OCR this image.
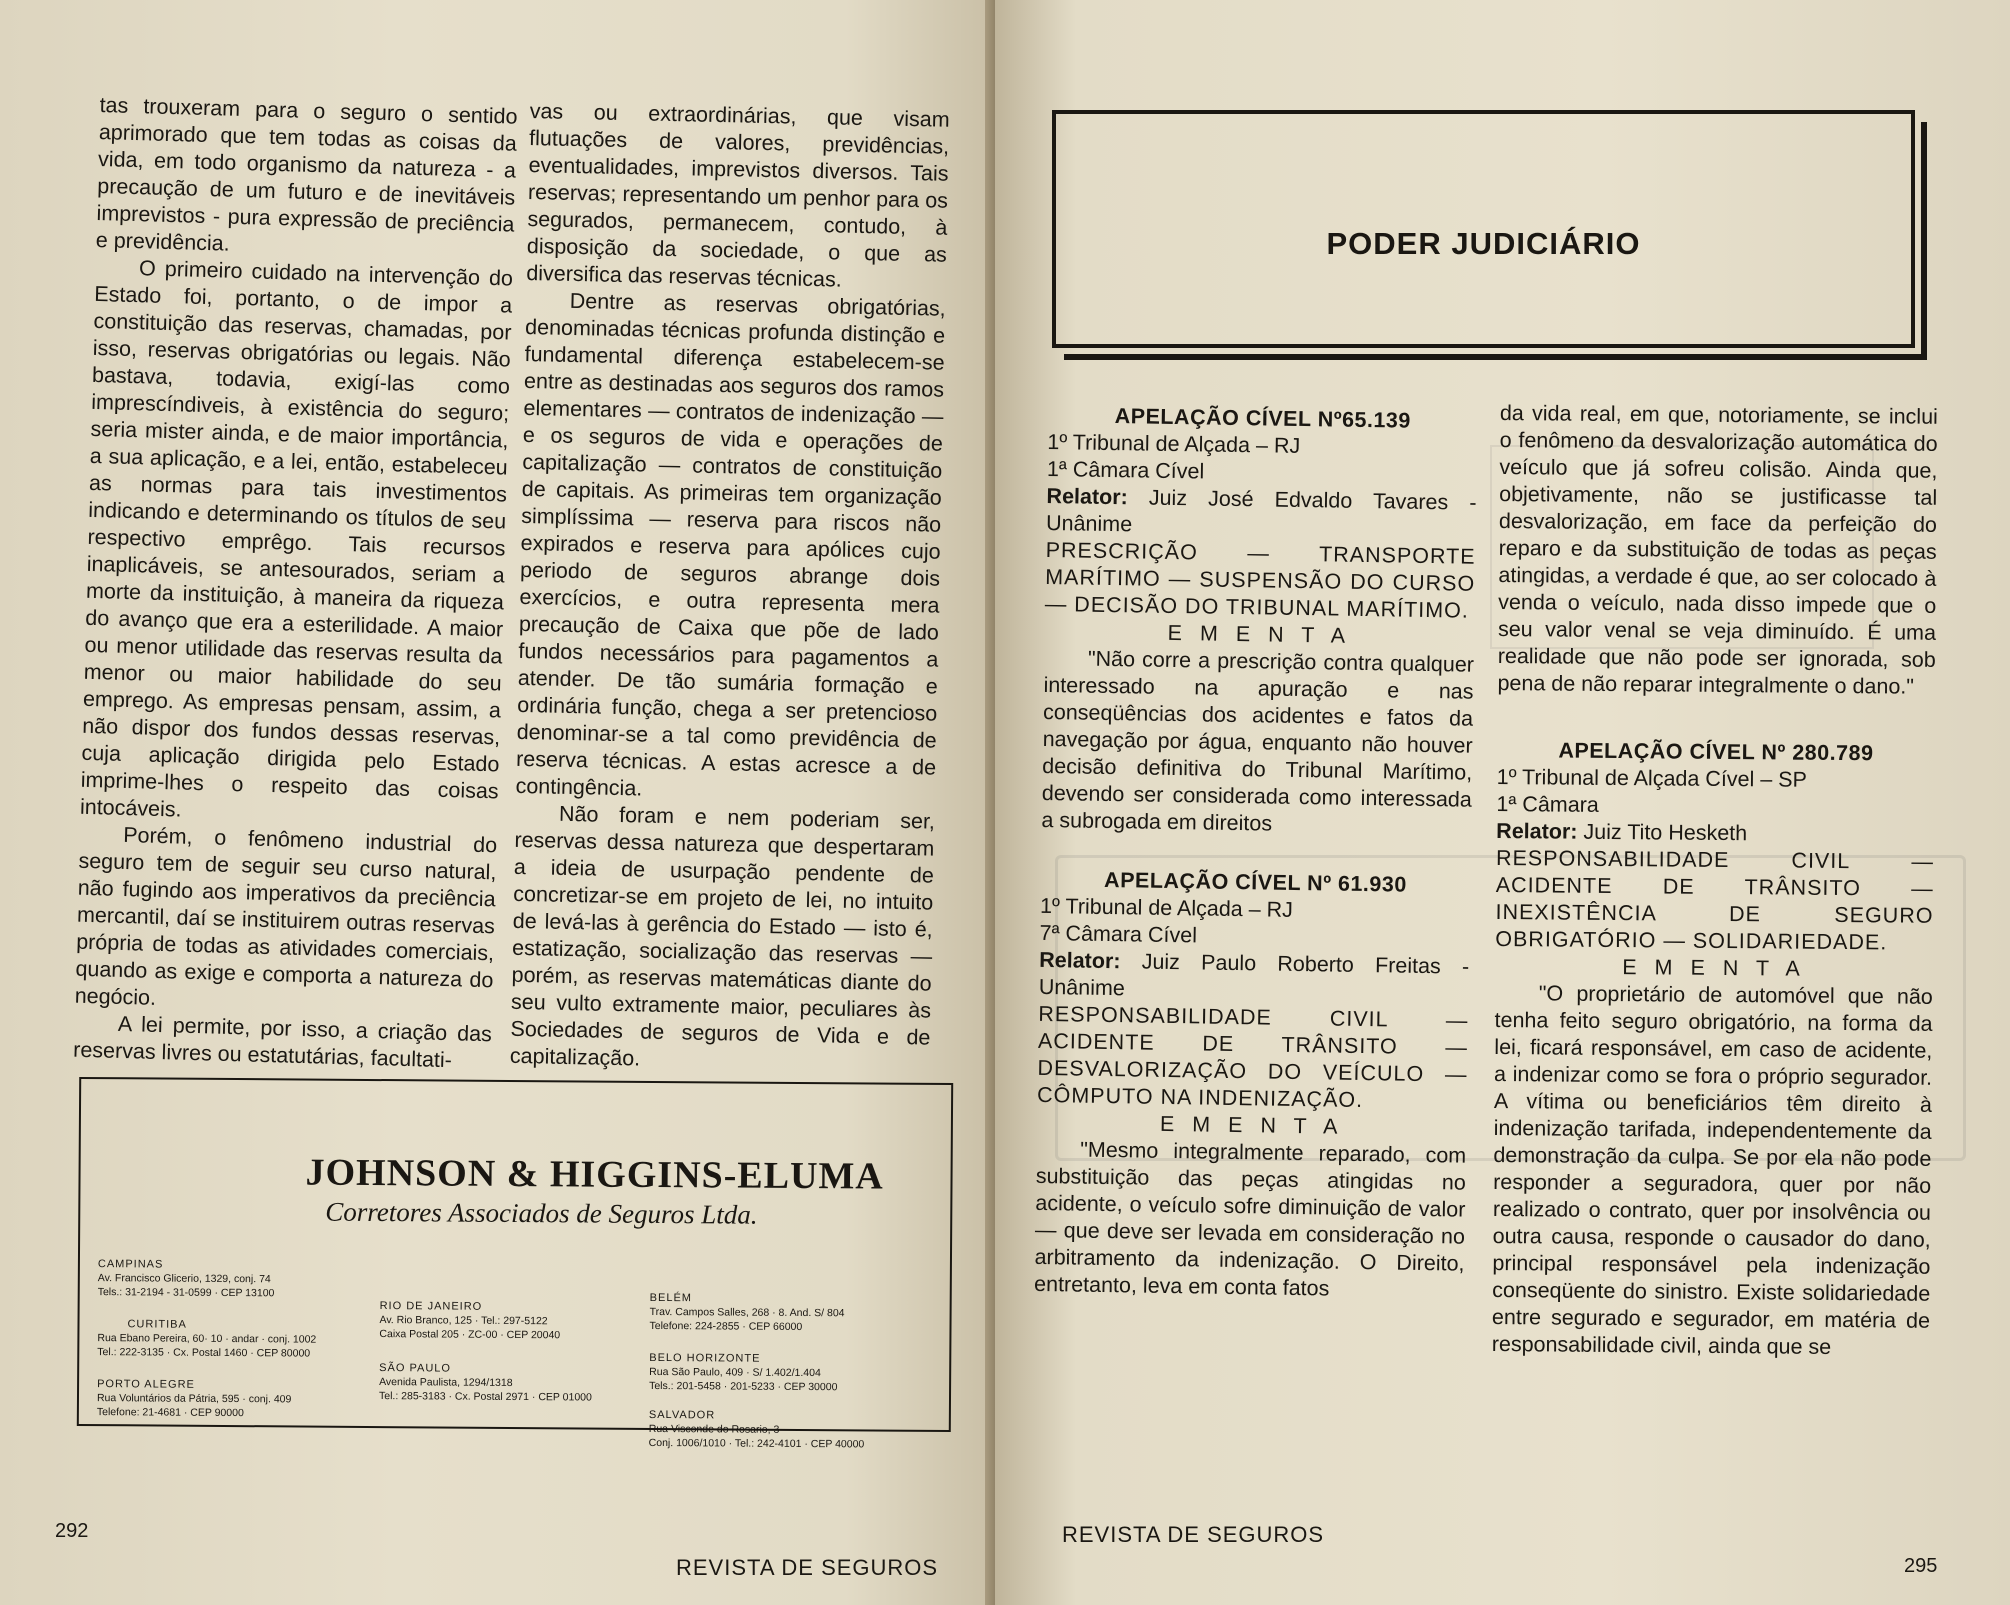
tas trouxeram para o seguro o sentido aprimorado que tem todas as coisas da vida, em todo organismo da natureza - a precaução de um futuro e de inevitáveis imprevistos - pura expressão de preciência e previdência.

O primeiro cuidado na intervenção do Estado foi, portanto, o de impor a constituição das reservas, chamadas, por isso, reservas obrigatórias ou legais. Não bastava, todavia, exigí-las como imprescíndiveis, à existência do seguro; seria mister ainda, e de maior importância, a sua aplicação, e a lei, então, estabeleceu as normas para tais investimentos indicando e determinando os títulos de seu respectivo emprêgo. Tais recursos inaplicáveis, se antesourados, seriam a morte da instituição, à maneira da riqueza do avanço que era a esterilidade. A maior ou menor utilidade das reservas resulta da menor ou maior habilidade do seu emprego. As empresas pensam, assim, a não dispor dos fundos dessas reservas, cuja aplicação dirigida pelo Estado imprime-lhes o respeito das coisas intocáveis.

Porém, o fenômeno industrial do seguro tem de seguir seu curso natural, não fugindo aos imperativos da preciência mercantil, daí se instituirem outras reservas própria de todas as atividades comerciais, quando as exige e comporta a natureza do negócio.

A lei permite, por isso, a criação das reservas livres ou estatutárias, facultati-

vas ou extraordinárias, que visam flutuações de valores, previdências, eventualidades, imprevistos diversos. Tais reservas; representando um penhor para os segurados, permanecem, contudo, à disposição da sociedade, o que as diversifica das reservas técnicas.

Dentre as reservas obrigatórias, denominadas técnicas profunda distinção e fundamental diferença estabelecem-se entre as destinadas aos seguros dos ramos elementares — contratos de indenização — e os seguros de vida e operações de capitalização — contratos de constituição de capitais. As primeiras tem organização simplíssima — reserva para riscos não expirados e reserva para apólices cujo periodo de seguros abrange dois exercícios, e outra representa mera precaução de Caixa que põe de lado fundos necessários para pagamentos a atender. De tão sumária formação e ordinária função, chega a ser pretencioso denominar-se a tal como previdência de reserva técnicas. A estas acresce a de contingência.

Não foram e nem poderiam ser, reservas dessa natureza que despertaram a ideia de usurpação pendente de concretizar-se em projeto de lei, no intuito de levá-las à gerência do Estado — isto é, estatização, socialização das reservas — porém, as reservas matemáticas diante do seu vulto extramente maior, peculiares às Sociedades de seguros de Vida e de capitalização.

JOHNSON & HIGGINS-ELUMA
Corretores Associados de Seguros Ltda.
CAMPINAS
Av. Francisco Glicerio, 1329, conj. 74
Tels.: 31-2194 - 31-0599 · CEP 13100
CURITIBA
Rua Ebano Pereira, 60· 10 · andar · conj. 1002
Tel.: 222-3135 · Cx. Postal 1460 · CEP 80000
PORTO ALEGRE
Rua Voluntários da Pátria, 595 · conj. 409
Telefone: 21-4681 · CEP 90000
RIO DE JANEIRO
Av. Rio Branco, 125 · Tel.: 297-5122
Caixa Postal 205 · ZC-00 · CEP 20040
SÃO PAULO
Avenida Paulista, 1294/1318
Tel.: 285-3183 · Cx. Postal 2971 · CEP 01000
BELÉM
Trav. Campos Salles, 268 · 8. And. S/ 804
Telefone: 224-2855 · CEP 66000
BELO HORIZONTE
Rua São Paulo, 409 · S/ 1.402/1.404
Tels.: 201-5458 · 201-5233 · CEP 30000
SALVADOR
Rua Visconde do Rosario, 3
Conj. 1006/1010 · Tel.: 242-4101 · CEP 40000
292
REVISTA DE SEGUROS
PODER JUDICIÁRIO

APELAÇÃO CÍVEL Nº65.139

1º Tribunal de Alçada – RJ

1ª Câmara Cível

Relator: Juiz José Edvaldo Tavares - Unânime

PRESCRIÇÃO — TRANSPORTE MARÍTIMO — SUSPENSÃO DO CURSO — DECISÃO DO TRIBUNAL MARÍTIMO.

E M E N T A

"Não corre a prescrição contra qualquer interessado na apuração e nas conseqüências dos acidentes e fatos da navegação por água, enquanto não houver decisão definitiva do Tribunal Marítimo, devendo ser considerada como interessada a subrogada em direitos

APELAÇÃO CÍVEL Nº 61.930

1º Tribunal de Alçada – RJ

7ª Câmara Cível

Relator: Juiz Paulo Roberto Freitas - Unânime

RESPONSABILIDADE CIVIL — ACIDENTE DE TRÂNSITO — DESVALORIZAÇÃO DO VEÍCULO — CÔMPUTO NA INDENIZAÇÃO.

E M E N T A

"Mesmo integralmente reparado, com substituição das peças atingidas no acidente, o veículo sofre diminuição de valor — que deve ser levada em consideração no arbitramento da indenização. O Direito, entretanto, leva em conta fatos

da vida real, em que, notoriamente, se inclui o fenômeno da desvalorização automática do veículo que já sofreu colisão. Ainda que, objetivamente, não se justificasse tal desvalorização, em face da perfeição do reparo e da substituição de todas as peças atingidas, a verdade é que, ao ser colocado à venda o veículo, nada disso impede que o seu valor venal se veja diminuído. É uma realidade que não pode ser ignorada, sob pena de não reparar integralmente o dano."

APELAÇÃO CÍVEL Nº 280.789

1º Tribunal de Alçada Cível – SP

1ª Câmara

Relator: Juiz Tito Hesketh

RESPONSABILIDADE CIVIL — ACIDENTE DE TRÂNSITO — INEXISTÊNCIA DE SEGURO OBRIGATÓRIO — SOLIDARIEDADE.

E M E N T A

"O proprietário de automóvel que não tenha feito seguro obrigatório, na forma da lei, ficará responsável, em caso de acidente, a indenizar como se fora o próprio segurador. A vítima ou beneficiários têm direito à indenização tarifada, independentemente da demonstração da culpa. Se por ela não pode responder a seguradora, quer por não realizado o contrato, quer por insolvência ou outra causa, responde o causador do dano, principal responsável pela indenização conseqüente do sinistro. Existe solidariedade entre segurado e segurador, em matéria de responsabilidade civil, ainda que se

REVISTA DE SEGUROS
295
